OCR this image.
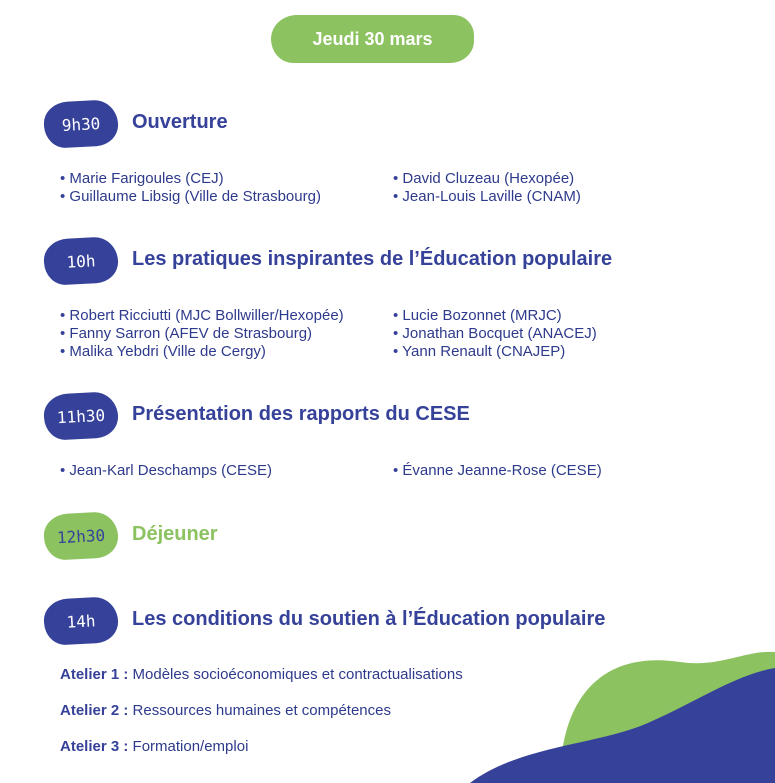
Jeudi 30 mars
9h30	Ouverture
• Marie Farigoules (CEJ)
• Guillaume Libsig (Ville de Strasbourg)
• David Cluzeau (Hexopée)
• Jean-Louis Laville (CNAM)
10h	Les pratiques inspirantes de l’Éducation populaire
• Robert Ricciutti (MJC Bollwiller/Hexopée)
• Fanny Sarron (AFEV de Strasbourg)
• Malika Yebdri (Ville de Cergy)
• Lucie Bozonnet (MRJC)
• Jonathan Bocquet (ANACEJ)
• Yann Renault (CNAJEP)
11h30	Présentation des rapports du CESE
• Jean-Karl Deschamps (CESE)
•	Évanne Jeanne-Rose (CESE)
12h30	Déjeuner
14h	Les conditions du soutien à l’Éducation populaire
Atelier 1 : Modèles socioéconomiques et contractualisations
Atelier 2 : Ressources humaines et compétences
Atelier 3 : Formation/emploi
